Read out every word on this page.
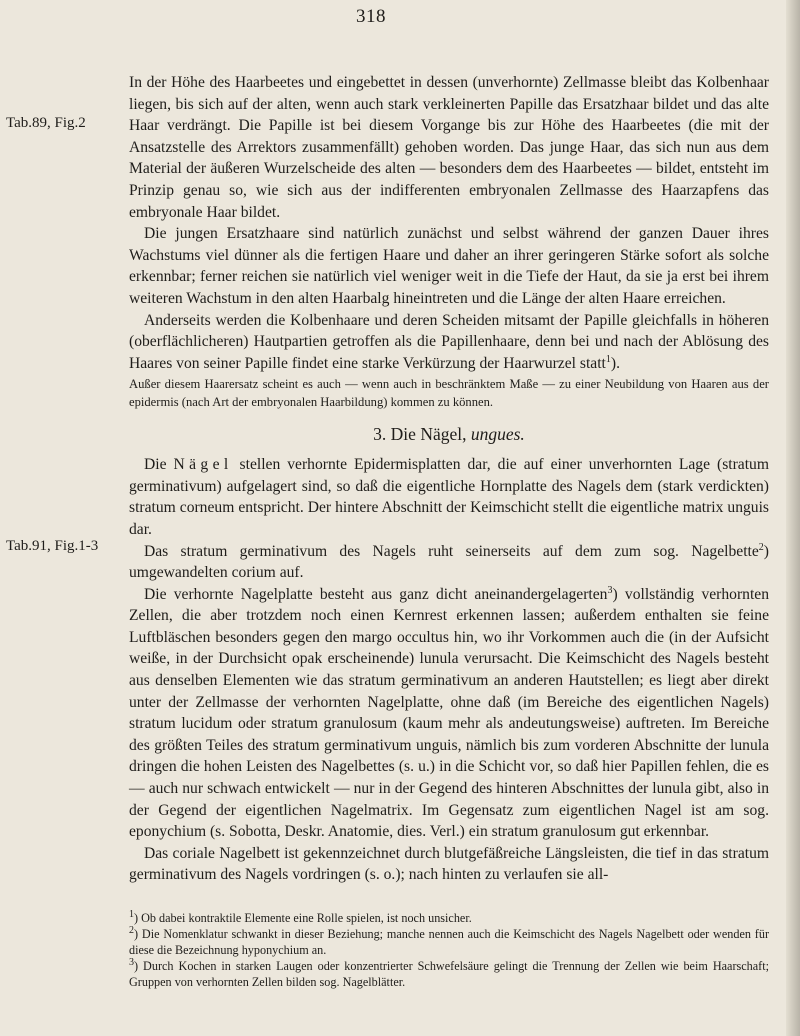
318
Tab.89, Fig.2
Tab.91, Fig.1-3

In der Höhe des Haarbeetes und eingebettet in dessen (unverhornte) Zellmasse bleibt das Kolbenhaar liegen, bis sich auf der alten, wenn auch stark verkleinerten Papille das Ersatzhaar bildet und das alte Haar verdrängt. Die Papille ist bei diesem Vorgange bis zur Höhe des Haarbeetes (die mit der Ansatzstelle des Arrektors zusammenfällt) gehoben worden. Das junge Haar, das sich nun aus dem Material der äußeren Wurzelscheide des alten — besonders dem des Haarbeetes — bildet, entsteht im Prinzip genau so, wie sich aus der indifferenten embryonalen Zellmasse des Haarzapfens das embryonale Haar bildet.

Die jungen Ersatzhaare sind natürlich zunächst und selbst während der ganzen Dauer ihres Wachstums viel dünner als die fertigen Haare und daher an ihrer geringeren Stärke sofort als solche erkennbar; ferner reichen sie natürlich viel weniger weit in die Tiefe der Haut, da sie ja erst bei ihrem weiteren Wachstum in den alten Haarbalg hineintreten und die Länge der alten Haare erreichen.

Anderseits werden die Kolbenhaare und deren Scheiden mitsamt der Papille gleichfalls in höheren (oberflächlicheren) Hautpartien getroffen als die Papillenhaare, denn bei und nach der Ablösung des Haares von seiner Papille findet eine starke Verkürzung der Haarwurzel statt$^1$).

Außer diesem Haarersatz scheint es auch — wenn auch in beschränktem Maße — zu einer Neubildung von Haaren aus der epidermis (nach Art der embryonalen Haarbildung) kommen zu können.

3. Die Nägel, ungues.

Die Nägel stellen verhornte Epidermisplatten dar, die auf einer unverhornten Lage (stratum germinativum) aufgelagert sind, so daß die eigentliche Hornplatte des Nagels dem (stark verdickten) stratum corneum entspricht. Der hintere Abschnitt der Keimschicht stellt die eigentliche matrix unguis dar.

Das stratum germinativum des Nagels ruht seinerseits auf dem zum sog. Nagelbette$^2$) umgewandelten corium auf.

Die verhornte Nagelplatte besteht aus ganz dicht aneinandergelagerten$^3$) vollständig verhornten Zellen, die aber trotzdem noch einen Kernrest erkennen lassen; außerdem enthalten sie feine Luftbläschen besonders gegen den margo occultus hin, wo ihr Vorkommen auch die (in der Aufsicht weiße, in der Durchsicht opak erscheinende) lunula verursacht. Die Keimschicht des Nagels besteht aus denselben Elementen wie das stratum germinativum an anderen Hautstellen; es liegt aber direkt unter der Zellmasse der verhornten Nagelplatte, ohne daß (im Bereiche des eigentlichen Nagels) stratum lucidum oder stratum granulosum (kaum mehr als andeutungsweise) auftreten. Im Bereiche des größten Teiles des stratum germinativum unguis, nämlich bis zum vorderen Abschnitte der lunula dringen die hohen Leisten des Nagelbettes (s. u.) in die Schicht vor, so daß hier Papillen fehlen, die es — auch nur schwach entwickelt — nur in der Gegend des hinteren Abschnittes der lunula gibt, also in der Gegend der eigentlichen Nagelmatrix. Im Gegensatz zum eigentlichen Nagel ist am sog. eponychium (s. Sobotta, Deskr. Anatomie, dies. Verl.) ein stratum granulosum gut erkennbar.

Das coriale Nagelbett ist gekennzeichnet durch blutgefäßreiche Längsleisten, die tief in das stratum germinativum des Nagels vordringen (s. o.); nach hinten zu verlaufen sie all-

$^1$) Ob dabei kontraktile Elemente eine Rolle spielen, ist noch unsicher.

$^2$) Die Nomenklatur schwankt in dieser Beziehung; manche nennen auch die Keimschicht des Nagels Nagelbett oder wenden für diese die Bezeichnung hyponychium an.

$^3$) Durch Kochen in starken Laugen oder konzentrierter Schwefelsäure gelingt die Trennung der Zellen wie beim Haarschaft; Gruppen von verhornten Zellen bilden sog. Nagelblätter.
